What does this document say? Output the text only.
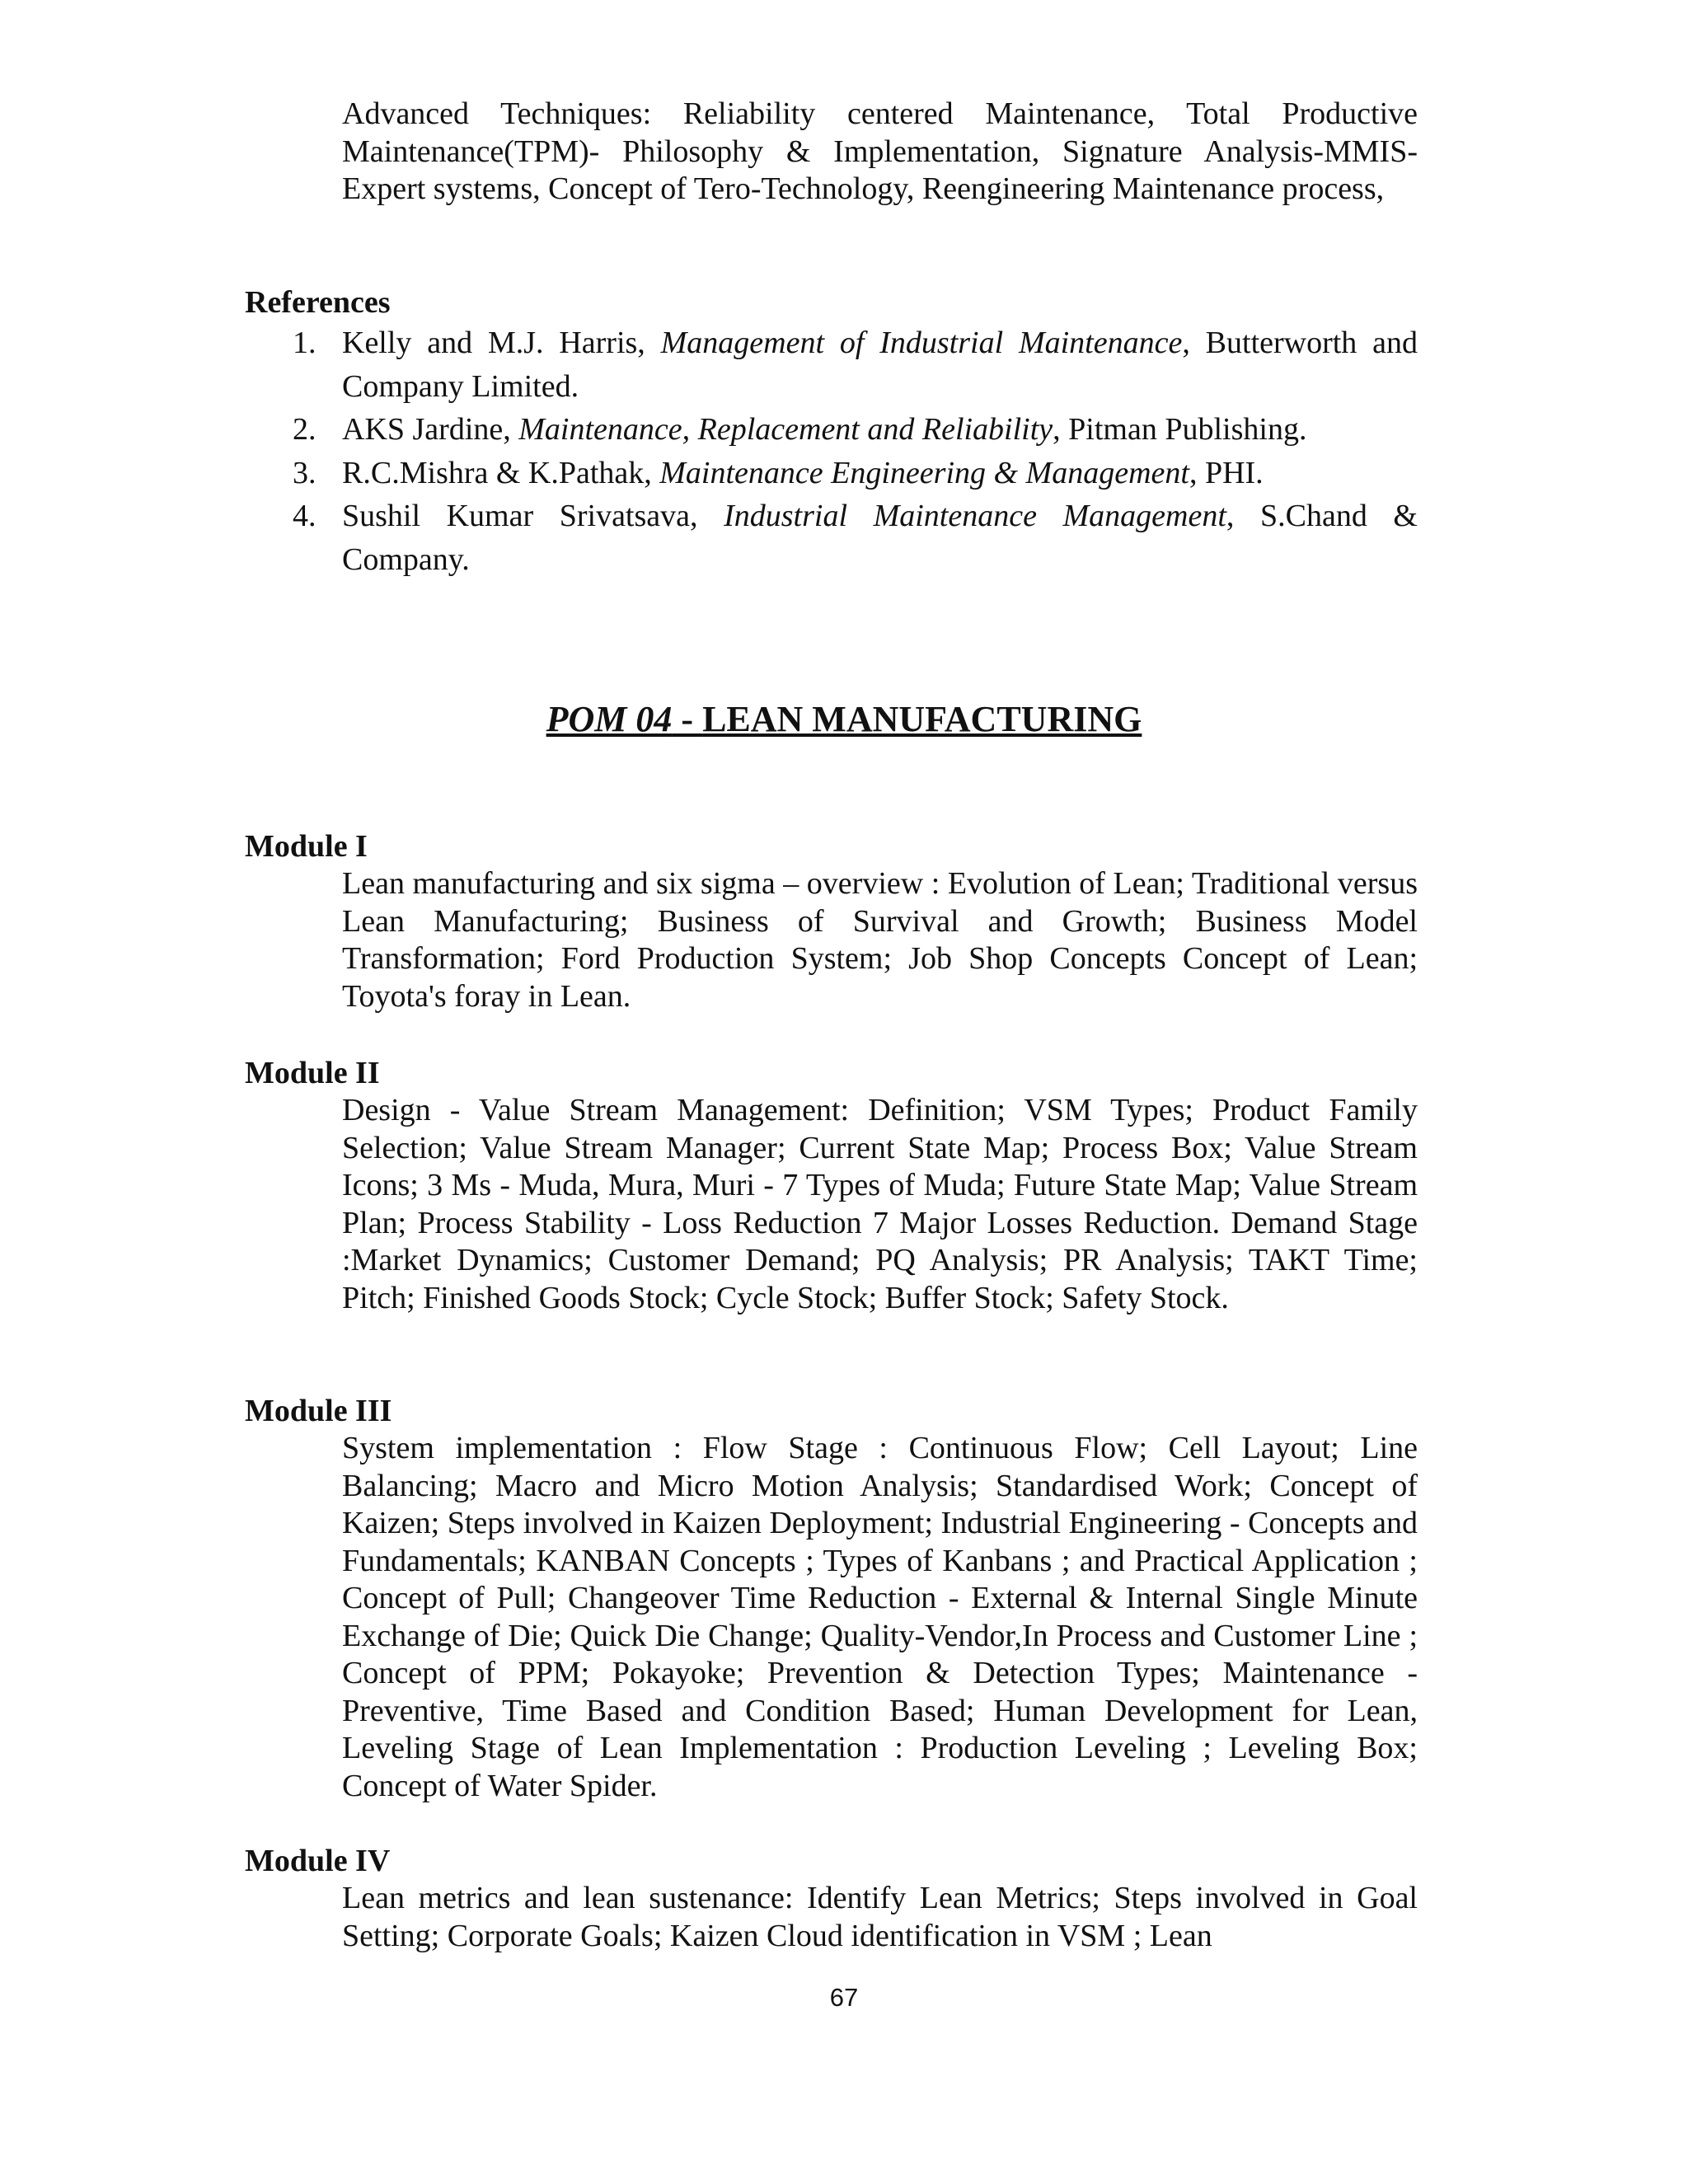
Advanced Techniques: Reliability centered Maintenance, Total Productive Maintenance(TPM)- Philosophy & Implementation, Signature Analysis-MMIS-Expert systems, Concept of Tero-Technology, Reengineering Maintenance process,

References
1. Kelly and M.J. Harris, Management of Industrial Maintenance, Butterworth and Company Limited.
2. AKS Jardine, Maintenance, Replacement and Reliability, Pitman Publishing.
3. R.C.Mishra & K.Pathak, Maintenance Engineering & Management, PHI.
4. Sushil Kumar Srivatsava, Industrial Maintenance Management, S.Chand & Company.
POM 04 - LEAN MANUFACTURING
Module I

Lean manufacturing and six sigma – overview : Evolution of Lean; Traditional versus Lean Manufacturing; Business of Survival and Growth; Business Model Transformation; Ford Production System; Job Shop Concepts Concept of Lean; Toyota's foray in Lean.

Module II

Design - Value Stream Management: Definition; VSM Types; Product Family Selection; Value Stream Manager; Current State Map; Process Box; Value Stream Icons; 3 Ms - Muda, Mura, Muri - 7 Types of Muda; Future State Map; Value Stream Plan; Process Stability - Loss Reduction 7 Major Losses Reduction. Demand Stage :Market Dynamics; Customer Demand; PQ Analysis; PR Analysis; TAKT Time; Pitch; Finished Goods Stock; Cycle Stock; Buffer Stock; Safety Stock.

Module III

System implementation : Flow Stage : Continuous Flow; Cell Layout; Line Balancing; Macro and Micro Motion Analysis; Standardised Work; Concept of Kaizen; Steps involved in Kaizen Deployment; Industrial Engineering - Concepts and Fundamentals; KANBAN Concepts ; Types of Kanbans ; and Practical Application ; Concept of Pull; Changeover Time Reduction - External & Internal Single Minute Exchange of Die; Quick Die Change; Quality-Vendor,In Process and Customer Line ; Concept of PPM; Pokayoke; Prevention & Detection Types; Maintenance - Preventive, Time Based and Condition Based; Human Development for Lean, Leveling Stage of Lean Implementation : Production Leveling ; Leveling Box; Concept of Water Spider.

Module IV

Lean metrics and lean sustenance: Identify Lean Metrics; Steps involved in Goal Setting; Corporate Goals; Kaizen Cloud identification in VSM ; Lean

67
